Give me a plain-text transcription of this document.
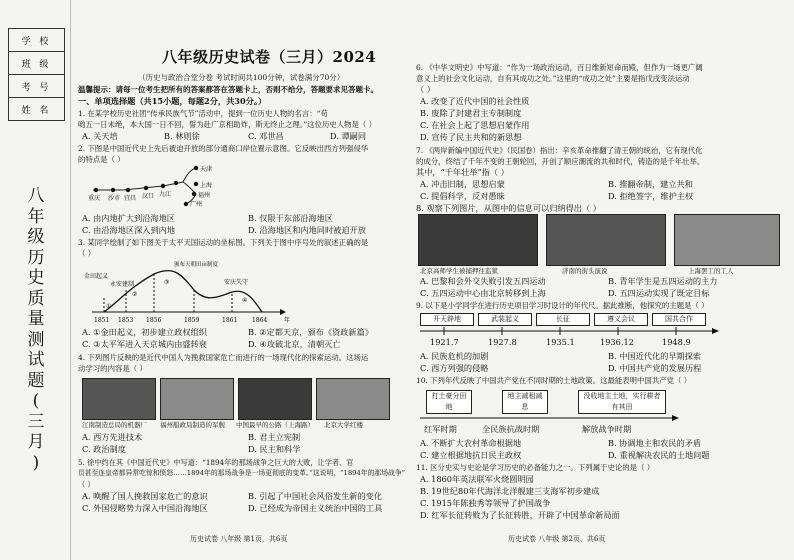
学 校
班 级
考 号
姓 名
八
年
级
历
史
质
量
测
试
题
(
三
月
)
八年级历史试卷（三月）2024
（历史与政治合堂分卷 考试时间共100分钟，试卷满分70分）
温馨提示：请每一位考生把所有的答案都答在答题卡上，否则不给分，答题要求见答题卡。
一、单项选择题（共15小题，每题2分，共30分。）
1. 在某学校历史社团“传承民族气节”活动中，提到一位历史人物的名言：“苟
哟五一日未绝，本大国一日不回，誓为赴广京相助炸，斯无终止之理。”这位历史人物是（ ）
A. 关天培	B. 林则徐	C. 邓世昌	D. 谭嗣同
2. 下图是中国近代史上先后被迫开放的部分通商口岸位置示意图。它反映出西方列强侵华
的特点是（ ）
天津
上海
福州
广州
重庆 沙市 宜昌 汉口 九江
A. 由内地扩大到沿海地区	B. 仅限于东部沿海地区
C. 由沿海地区深入到内地	D. 沿海地区和内地同时被迫开放
3. 某同学绘制了如下图关于太平天国运动的坐标图。下列关于图中序号处的叙述正确的是
（ ）
金田起义
永安建制
颁布天朝田亩制度
安庆失守
①
②
③
④
1851 1853 1856	1859	1861 1864	年
A. ①金田起义，初步建立政权组织	B. ②定都天京，颁布《资政新篇》
C. ③太平军进入天京城内由盛转衰	D. ④攻破北京，清朝灭亡
4. 下列图片反映的是近代中国人为挽救国家危亡而进行的一场现代化的探索运动。这场运
动学习的内容是（ ）
江南制造总局的机器厂 福州船政局制造的军舰 中国最早的公路（上海路） 北京大学红楼
A. 西方先进技术	B. 君主立宪制
C. 政治制度	D. 民主和科学
5. 徐中约在其《中国近代史》中写道：“1894年的那场战争之巨大的大败，让学者、官
员甚至连皇帝都异常吃惊和愤怒……1894年的那场战争是一场更彻底的变革。”这说明，“1894年的那场战争”
（ ）
A. 唤醒了国人挽救国家危亡的意识	B. 引起了中国社会风俗发生新的变化
C. 外国侵略势力深入中国沿海地区	D. 已经成为帝国主义统治中国的工具
历史试卷 八年级 第1页，共6页
6. 《中华文明史》中写道：“作为一场政治运动，百日维新短命而殿，但作为一场更广阔
意义上的社会文化运动，自有其成功之处。”这里的“成功之处”主要是指戊戌变法运动
（ ）
A. 改变了近代中国的社会性质
B. 废除了封建君主专制制度
C. 在社会上起了思想启蒙作用
D. 宣传了民主共和的新思想
7. 《两岸新编中国近代史》（民国卷）指出：辛亥革命推翻了清王朝的统治，它有现代化
的成分，终结了千年不变的王朝轮回，开创了顺应潮流的共和时代，铸造的是千年壮举。
其中，“千年壮举”指（ ）
A. 冲击旧制，思想启蒙	B. 推翻帝制，建立共和
C. 提倡科学，反对愚昧	D. 拒绝签字，维护主权
8. 观察下列图片，从图中的信息可以归纳得出（ ）
北京高师学生被捕押往监狱	济南的街头演说	上海罢工的工人
A. 巴黎和会外交失败引发五四运动	B. 青年学生是五四运动的主力
C. 五四运动中心由北京转移到上海	D. 五四运动实现了既定目标
9. 以下是小学同学在进行历史项目学习时设计的年代尺。据此推断，他探究的主题是（ ）
开天辟地	武装起义	长征	遵义会议	国共合作
1921.7	1927.8	1935.1	1936.12	1948.9
A. 民族危机的加剧	B. 中国近代化的早期探索
C. 西方列强的侵略	D. 中国共产党的发展历程
10. 下列年代反映了中国共产党在不同时期的土地政策。这最能表明中国共产党（ ）
打土豪分田地
地主减租减息
没收地主土地，实行耕者有其田
红军时期	全民族抗战时期	解放战争时期
A. 不断扩大农村革命根据地	B. 协调地主和农民的矛盾
C. 建立根据地抗日民主政权	D. 重视解决农民的土地问题
11. 区分史实与史论是学习历史的必备能力之一。下列属于史论的是（ ）
A. 1860年英法联军火烧圆明园
B. 19世纪80年代海洋北洋舰建三支海军初步建成
C. 1915年陈独秀等领导了护国战争
D. 红军长征转败为了长征转胜，开辟了中国革命新局面
历史试卷 八年级 第2页，共6页
